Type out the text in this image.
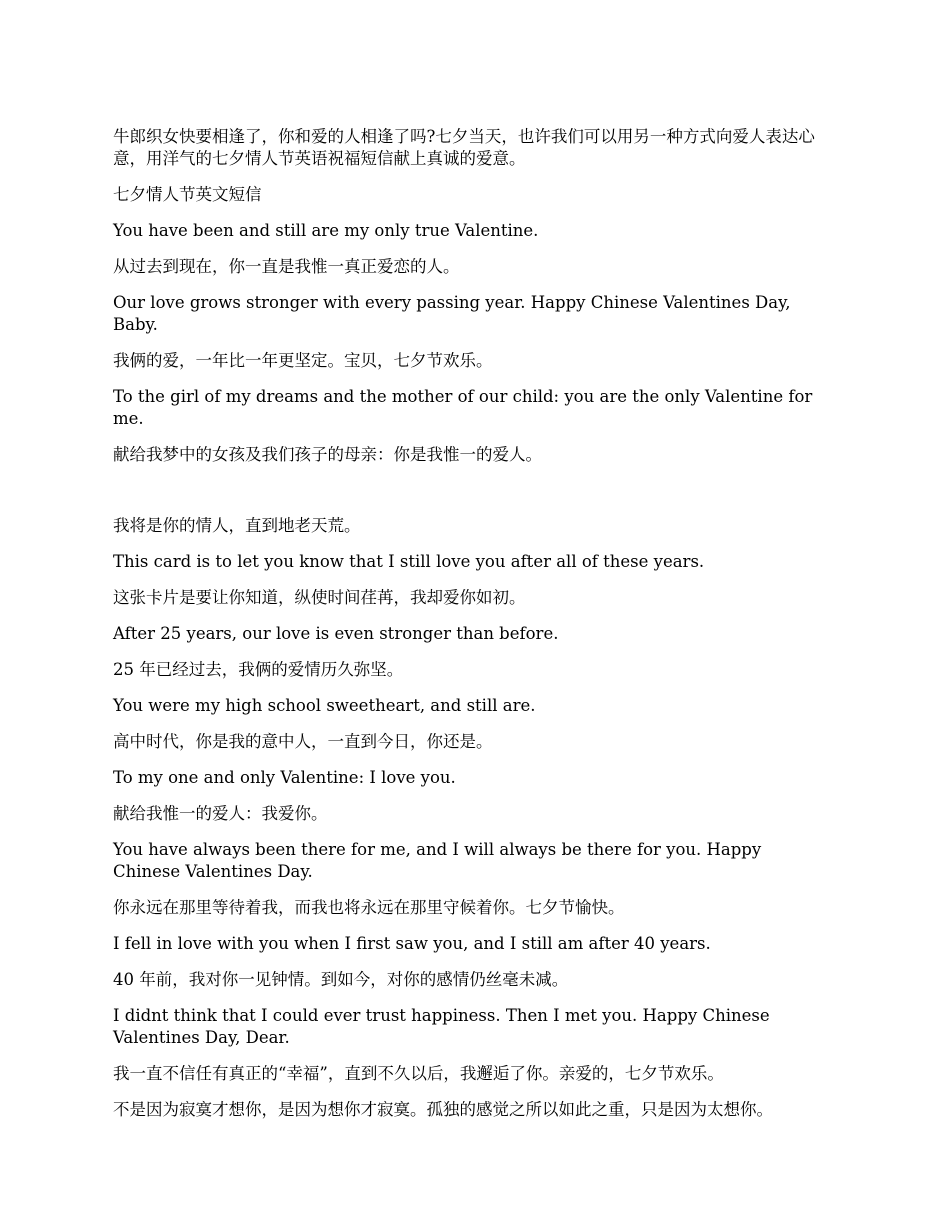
牛郎织女快要相逢了，你和爱的人相逢了吗?七夕当天，也许我们可以用另一种方式向爱人表达心意，用洋气的七夕情人节英语祝福短信献上真诚的爱意。

七夕情人节英文短信

You have been and still are my only true Valentine.

从过去到现在，你一直是我惟一真正爱恋的人。

Our love grows stronger with every passing year. Happy Chinese Valentines Day, Baby.

我俩的爱，一年比一年更坚定。宝贝，七夕节欢乐。

To the girl of my dreams and the mother of our child: you are the only Valentine for me.

献给我梦中的女孩及我们孩子的母亲：你是我惟一的爱人。

我将是你的情人，直到地老天荒。

This card is to let you know that I still love you after all of these years.

这张卡片是要让你知道，纵使时间荏苒，我却爱你如初。

After 25 years, our love is even stronger than before.

25 年已经过去，我俩的爱情历久弥坚。

You were my high school sweetheart, and still are.

高中时代，你是我的意中人，一直到今日，你还是。

To my one and only Valentine: I love you.

献给我惟一的爱人：我爱你。

You have always been there for me, and I will always be there for you. Happy Chinese Valentines Day.

你永远在那里等待着我，而我也将永远在那里守候着你。七夕节愉快。

I fell in love with you when I first saw you, and I still am after 40 years.

40 年前，我对你一见钟情。到如今，对你的感情仍丝毫未减。

I didnt think that I could ever trust happiness. Then I met you. Happy Chinese Valentines Day, Dear.

我一直不信任有真正的“幸福”，直到不久以后，我邂逅了你。亲爱的，七夕节欢乐。

不是因为寂寞才想你，是因为想你才寂寞。孤独的感觉之所以如此之重，只是因为太想你。
